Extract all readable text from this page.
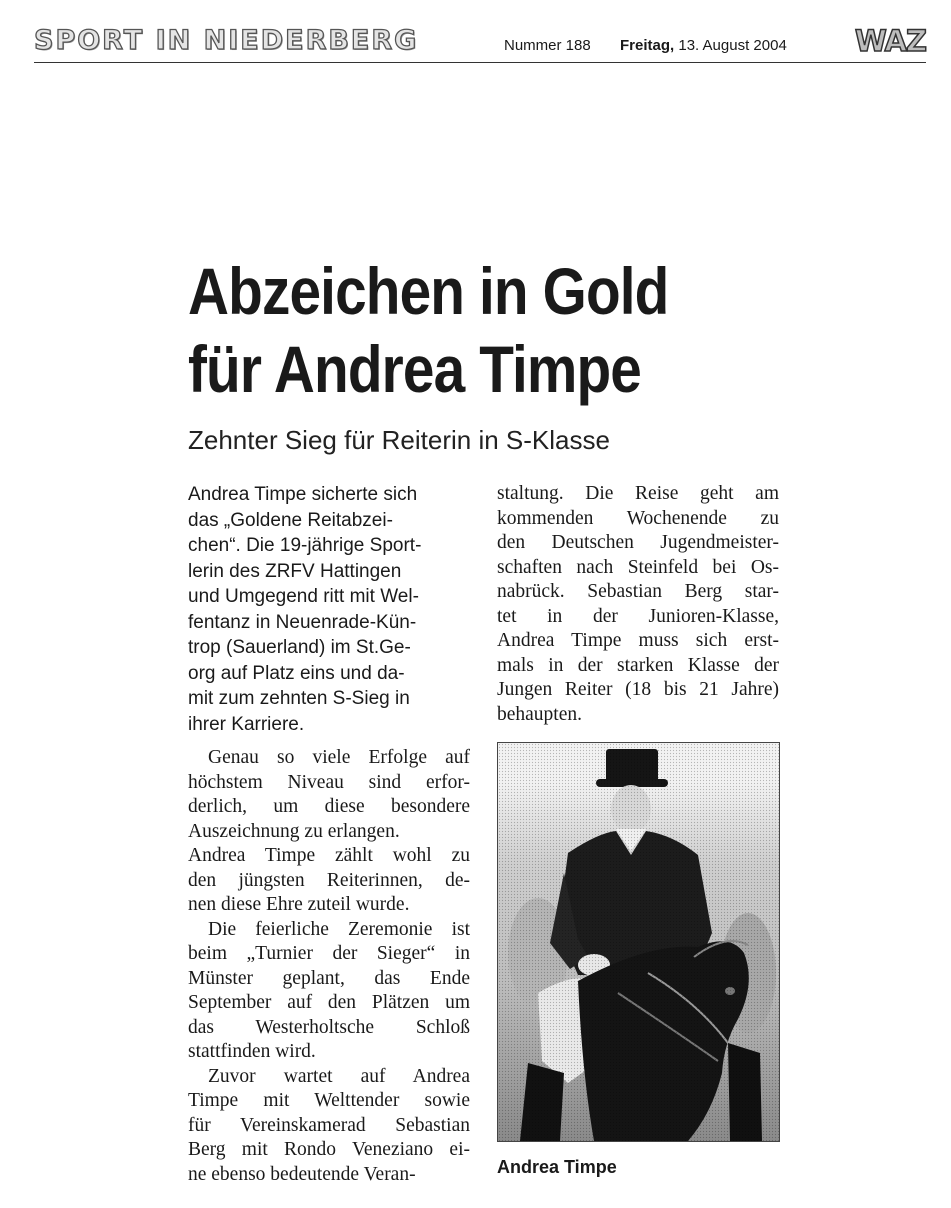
SPORT IN NIEDERBERG	Nummer 188 Freitag, 13. August 2004 WAZ
Abzeichen in Gold
für Andrea Timpe
Zehnter Sieg für Reiterin in S-Klasse
Andrea Timpe sicherte sich
das „Goldene Reitabzei-
chen“. Die 19-jährige Sport-
lerin des ZRFV Hattingen
und Umgegend ritt mit Wel-
fentanz in Neuenrade-Kün-
trop (Sauerland) im St.Ge-
org auf Platz eins und da-
mit zum zehnten S-Sieg in
ihrer Karriere.
Genau so viele Erfolge auf
höchstem Niveau sind erfor-
derlich, um diese besondere
Auszeichnung zu erlangen.
Andrea Timpe zählt wohl zu
den jüngsten Reiterinnen, de-
nen diese Ehre zuteil wurde.
Die feierliche Zeremonie ist
beim „Turnier der Sieger“ in
Münster geplant, das Ende
September auf den Plätzen um
das Westerholtsche Schloß
stattfinden wird.
Zuvor wartet auf Andrea
Timpe mit Welttender sowie
für Vereinskamerad Sebastian
Berg mit Rondo Veneziano ei-
ne ebenso bedeutende Veran-
staltung. Die Reise geht am
kommenden Wochenende zu
den Deutschen Jugendmeister-
schaften nach Steinfeld bei Os-
nabrück. Sebastian Berg star-
tet in der Junioren-Klasse,
Andrea Timpe muss sich erst-
mals in der starken Klasse der
Jungen Reiter (18 bis 21 Jahre)
behaupten.
Andrea Timpe
